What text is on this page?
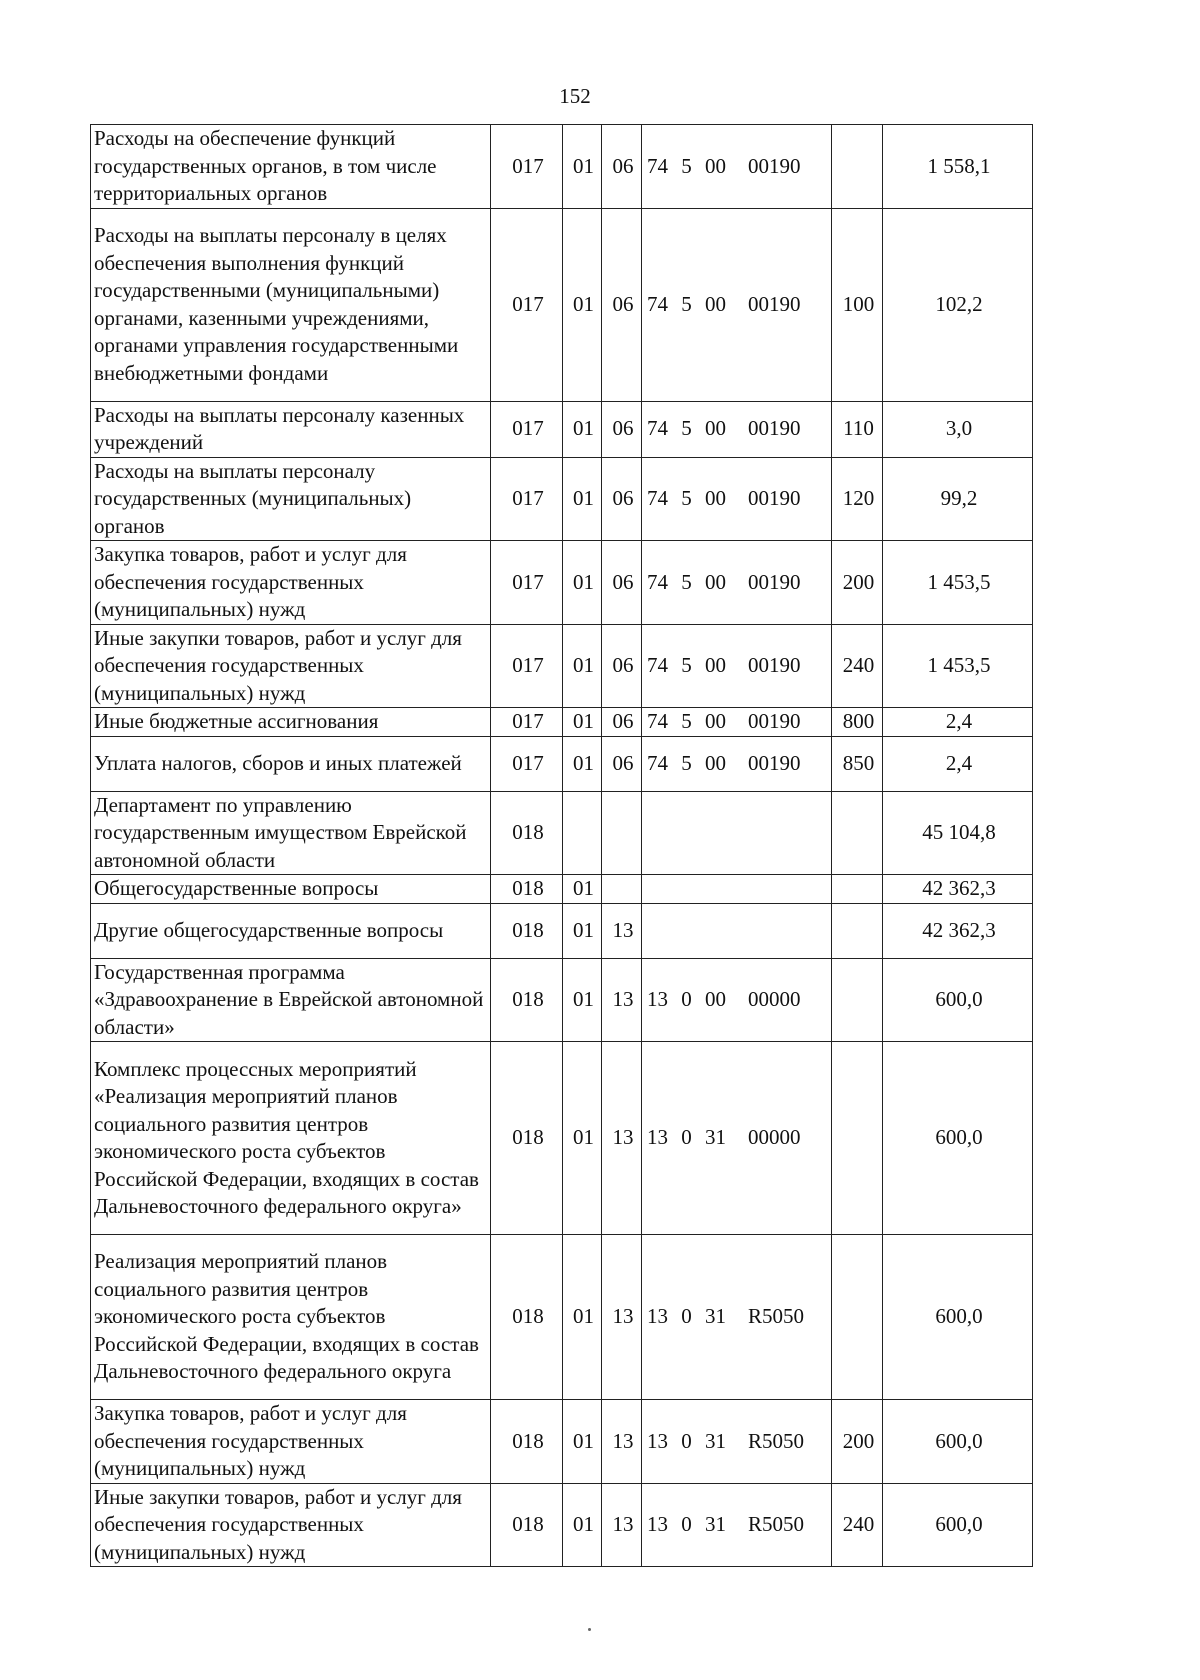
152
Расходы на обеспечение функций государственных органов, в том числе территориальных органов	017	01	06	74 5 00 00190		1 558,1
Расходы на выплаты персоналу в целях обеспечения выполнения функций государственными (муниципальными) органами, казенными учреждениями, органами управления государственными внебюджетными фондами	017	01	06	74 5 00 00190	100	102,2
Расходы на выплаты персоналу казенных учреждений	017	01	06	74 5 00 00190	110	3,0
Расходы на выплаты персоналу государственных (муниципальных) органов	017	01	06	74 5 00 00190	120	99,2
Закупка товаров, работ и услуг для обеспечения государственных (муниципальных) нужд	017	01	06	74 5 00 00190	200	1 453,5
Иные закупки товаров, работ и услуг для обеспечения государственных (муниципальных) нужд	017	01	06	74 5 00 00190	240	1 453,5
Иные бюджетные ассигнования	017	01	06	74 5 00 00190	800	2,4
Уплата налогов, сборов и иных платежей	017	01	06	74 5 00 00190	850	2,4
Департамент по управлению государственным имуществом Еврейской автономной области	018					45 104,8
Общегосударственные вопросы	018	01				42 362,3
Другие общегосударственные вопросы	018	01	13			42 362,3
Государственная программа «Здравоохранение в Еврейской автономной области»	018	01	13	13 0 00 00000		600,0
Комплекс процессных мероприятий «Реализация мероприятий планов социального развития центров экономического роста субъектов Российской Федерации, входящих в состав Дальневосточного федерального округа»	018	01	13	13 0 31 00000		600,0
Реализация мероприятий планов социального развития центров экономического роста субъектов Российской Федерации, входящих в состав Дальневосточного федерального округа	018	01	13	13 0 31 R5050		600,0
Закупка товаров, работ и услуг для обеспечения государственных (муниципальных) нужд	018	01	13	13 0 31 R5050	200	600,0
Иные закупки товаров, работ и услуг для обеспечения государственных (муниципальных) нужд	018	01	13	13 0 31 R5050	240	600,0
